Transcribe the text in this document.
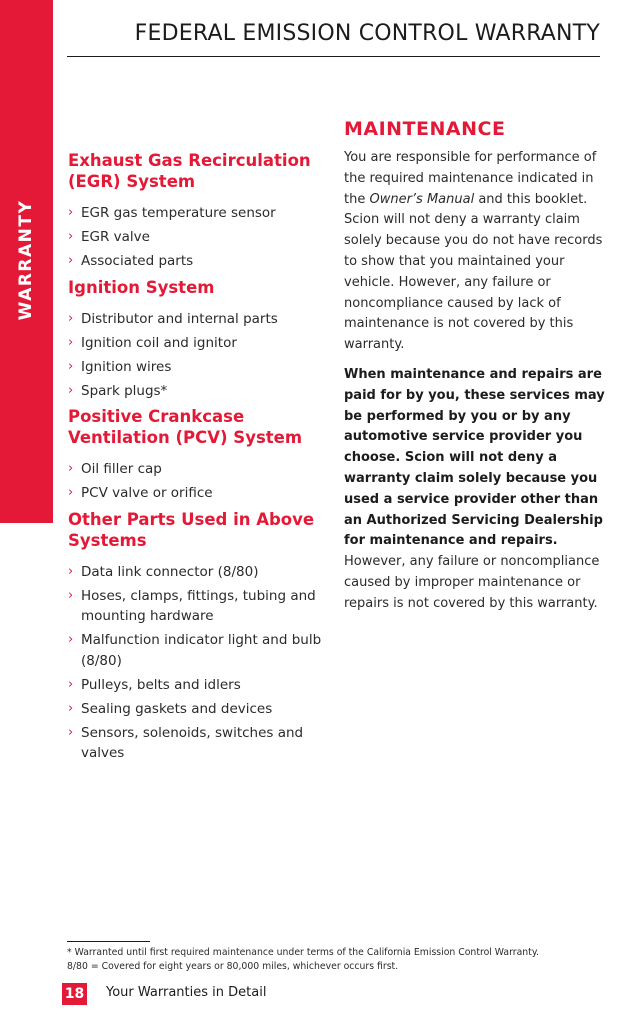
WARRANTY
FEDERAL EMISSION CONTROL WARRANTY
Exhaust Gas Recirculation (EGR) System
› EGR gas temperature sensor
› EGR valve
› Associated parts
Ignition System
› Distributor and internal parts
› Ignition coil and ignitor
› Ignition wires
› Spark plugs*
Positive Crankcase Ventilation (PCV) System
› Oil filler cap
› PCV valve or orifice
Other Parts Used in Above Systems
› Data link connector (8/80)
› Hoses, clamps, fittings, tubing and mounting hardware
› Malfunction indicator light and bulb (8/80)
› Pulleys, belts and idlers
› Sealing gaskets and devices
› Sensors, solenoids, switches and valves
MAINTENANCE

You are responsible for performance of the required maintenance indicated in the Owner’s Manual and this booklet. Scion will not deny a warranty claim solely because you do not have records to show that you maintained your vehicle. However, any failure or noncompliance caused by lack of maintenance is not covered by this warranty.

When maintenance and repairs are paid for by you, these services may be performed by you or by any automotive service provider you choose. Scion will not deny a warranty claim solely because you used a service provider other than an Authorized Servicing Dealership for maintenance and repairs. However, any failure or noncompliance caused by improper maintenance or repairs is not covered by this warranty.

* Warranted until first required maintenance under terms of the California Emission Control Warranty.
8/80 = Covered for eight years or 80,000 miles, whichever occurs first.
18 Your Warranties in Detail
